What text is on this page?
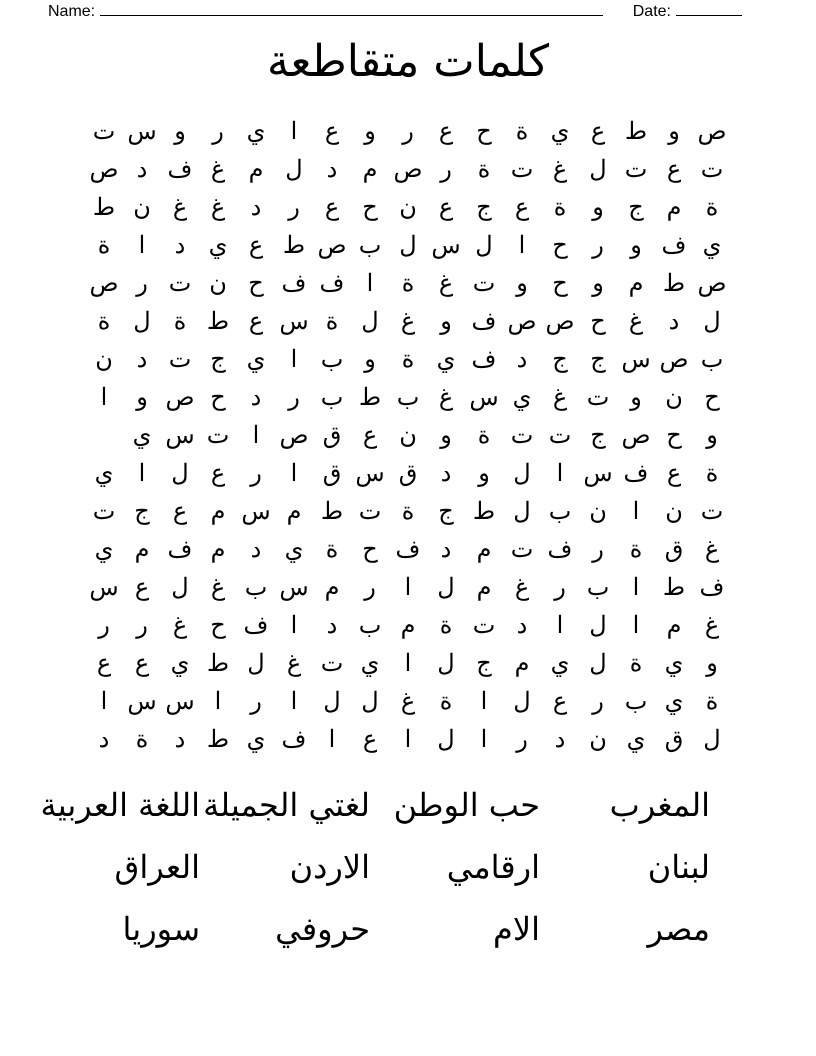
Name:	Date:
كلمات متقاطعة
ص
و
ط
ع
ي
ة
ح
ع
ر
و
ع
ا
ي
ر
و
س
ت
ت
ع
ت
ل
غ
ت
ة
ر
ص
م
د
ل
م
غ
ف
د
ص
ة
م
ج
و
ة
ع
ج
ع
ن
ح
ع
ر
د
غ
غ
ن
ط
ي
ف
و
ر
ح
ا
ل
س
ل
ب
ص
ط
ع
ي
د
ا
ة
ص
ط
م
و
ح
و
ت
غ
ة
ا
ف
ف
ح
ن
ت
ر
ص
ل
د
غ
ح
ص
ص
ف
و
غ
ل
ة
س
ع
ط
ة
ل
ة
ب
ص
س
ج
ج
د
ف
ي
ة
و
ب
ا
ي
ج
ت
د
ن
ح
ن
و
ت
غ
ي
س
غ
ب
ط
ب
ر
د
ح
ص
و
ا
و
ح
ص
ج
ت
ت
ة
و
ن
ع
ق
ص
ا
ت
س
ي
ة
ع
ف
س
ا
ل
و
د
ق
س
ق
ا
ر
ع
ل
ا
ي
ت
ن
ا
ن
ب
ل
ط
ج
ة
ت
ط
م
س
م
ع
ج
ت
غ
ق
ة
ر
ف
ت
م
د
ف
ح
ة
ي
د
م
ف
م
ي
ف
ط
ا
ب
ر
غ
م
ل
ا
ر
م
س
ب
غ
ل
ع
س
غ
م
ا
ل
ا
د
ت
ة
م
ب
د
ا
ف
ح
غ
ر
ر
و
ي
ة
ل
ي
م
ج
ل
ا
ي
ت
غ
ل
ط
ي
ع
ع
ة
ي
ب
ر
ع
ل
ا
ة
غ
ل
ل
ا
ر
ا
س
س
ا
ل
ق
ي
ن
د
ر
ا
ل
ا
ع
ا
ف
ي
ط
د
ة
د
المغرب
حب الوطن
لغتي الجميلة
اللغة العربية
لبنان
ارقامي
الاردن
العراق
مصر
الام
حروفي
سوريا
